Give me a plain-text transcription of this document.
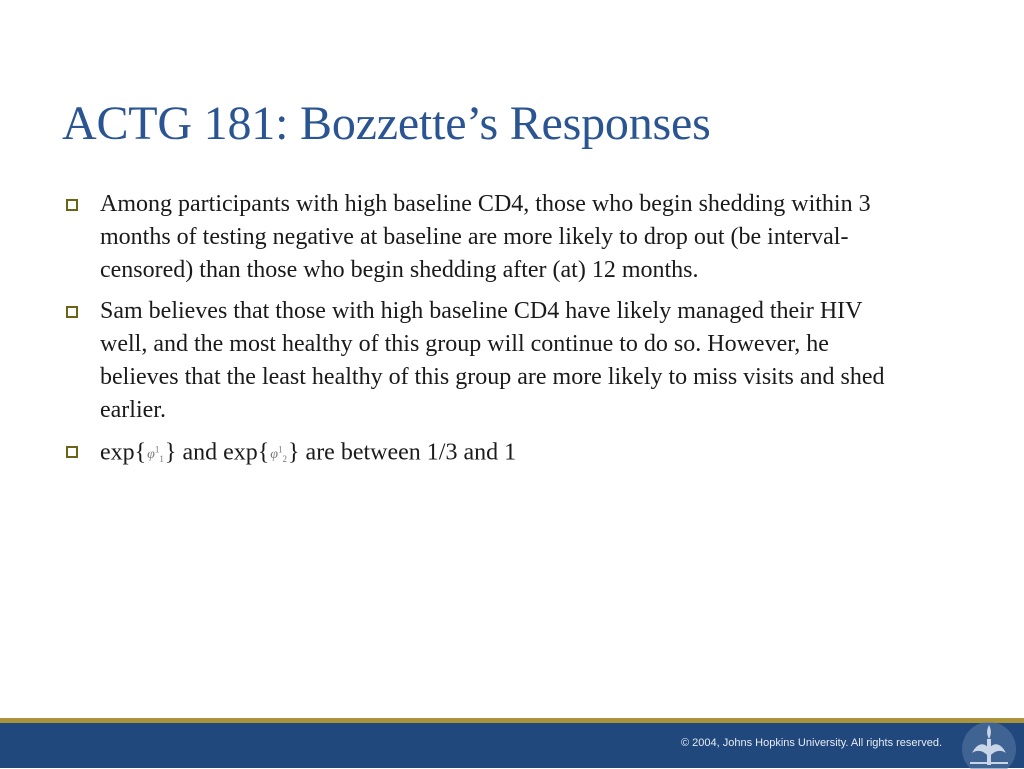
ACTG 181: Bozzette’s Responses
Among participants with high baseline CD4, those who begin shedding within 3 months of testing negative at baseline are more likely to drop out (be interval-censored) than those who begin shedding after (at) 12 months.
Sam believes that those with high baseline CD4 have likely managed their HIV well, and the most healthy of this group will continue to do so. However, he believes that the least healthy of this group are more likely to miss visits and shed earlier.
$\exp\{\varphi^1_1\}$ and $\exp\{\varphi^1_2\}$ are between 1/3 and 1
© 2004, Johns Hopkins University. All rights reserved.
